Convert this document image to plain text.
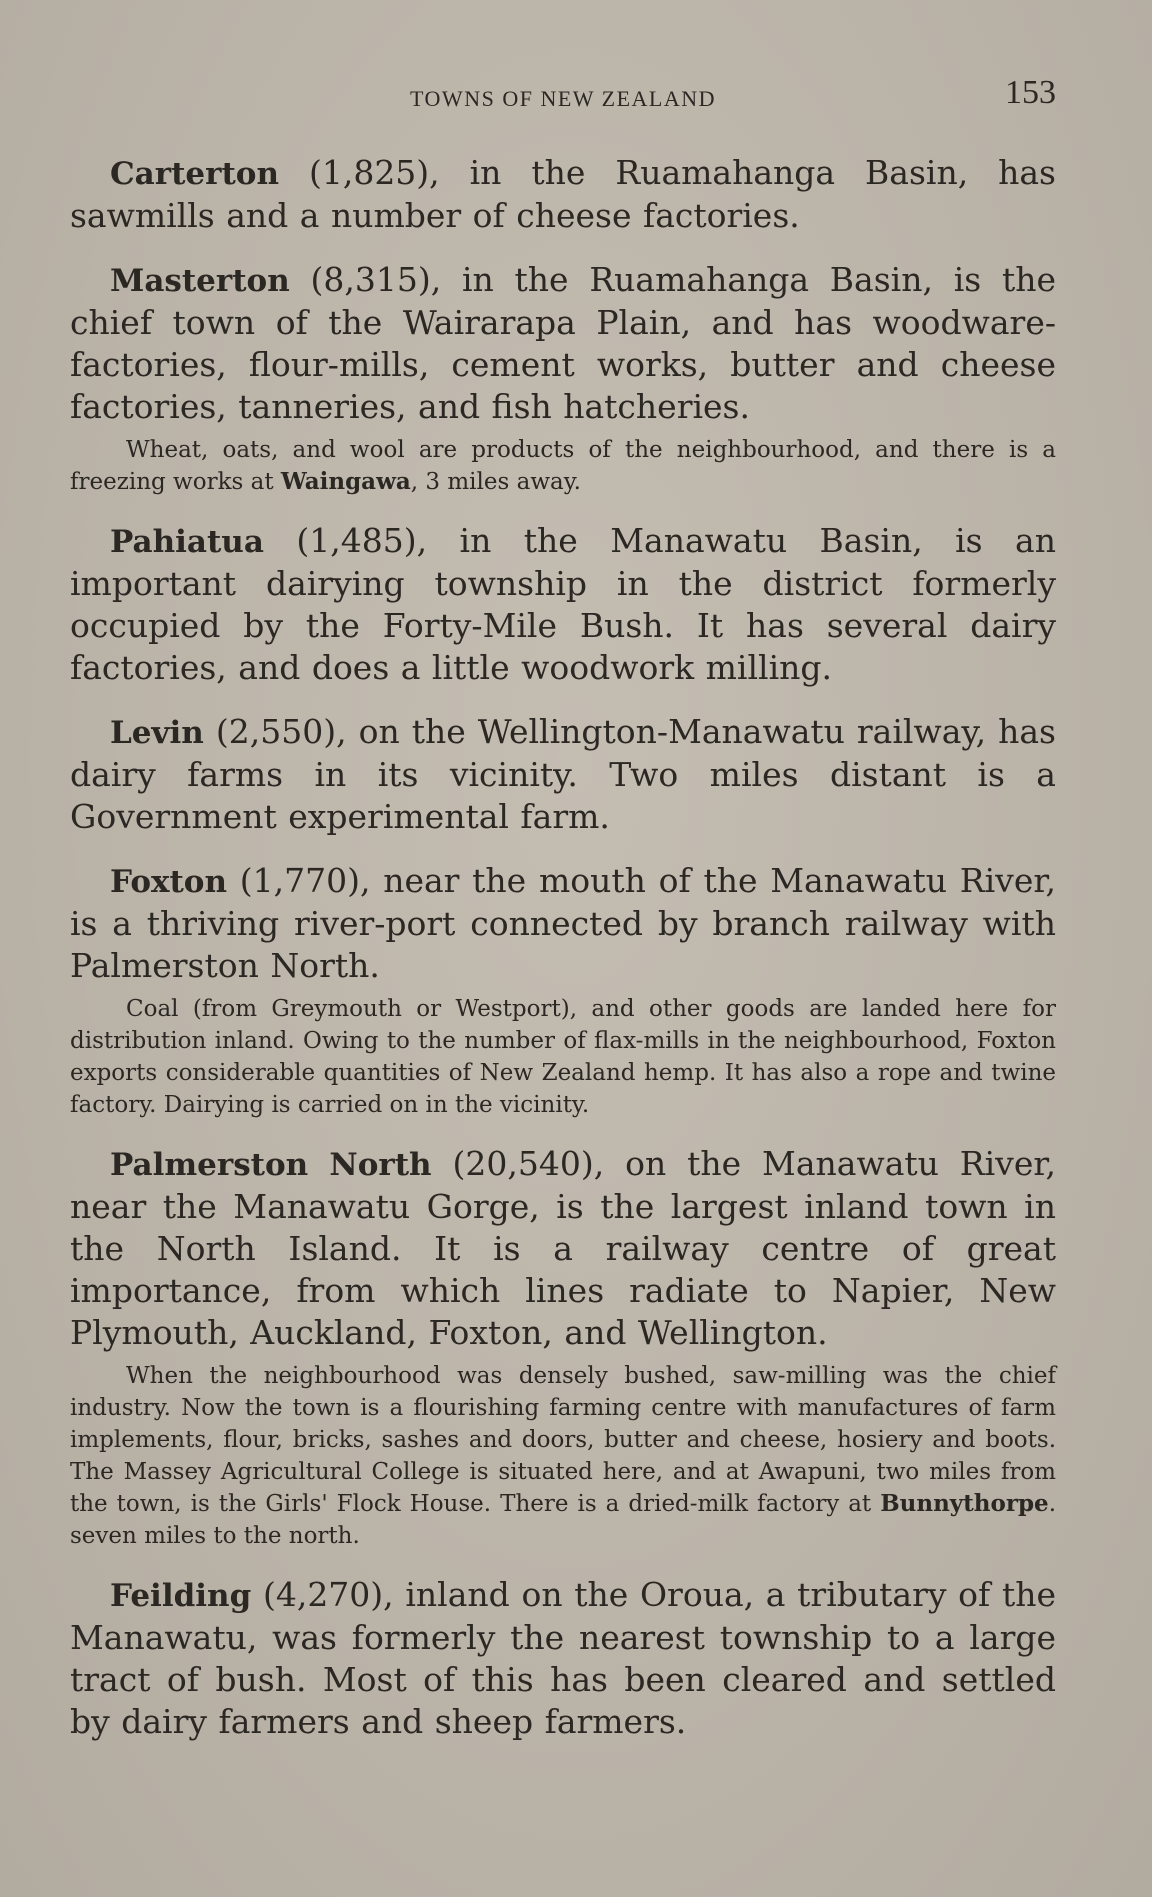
TOWNS OF NEW ZEALAND	153

Carterton (1,825), in the Ruamahanga Basin, has sawmills and a number of cheese factories.

Masterton (8,315), in the Ruamahanga Basin, is the chief town of the Wairarapa Plain, and has woodware-factories, flour-mills, cement works, butter and cheese factories, tanneries, and fish hatcheries.

Wheat, oats, and wool are products of the neighbourhood, and there is a freezing works at Waingawa, 3 miles away.

Pahiatua (1,485), in the Manawatu Basin, is an important dairying township in the district formerly occupied by the Forty-Mile Bush. It has several dairy factories, and does a little woodwork milling.

Levin (2,550), on the Wellington-Manawatu railway, has dairy farms in its vicinity. Two miles distant is a Government experimental farm.

Foxton (1,770), near the mouth of the Manawatu River, is a thriving river-port connected by branch railway with Palmerston North.

Coal (from Greymouth or Westport), and other goods are landed here for distribution inland. Owing to the number of flax-mills in the neighbourhood, Foxton exports considerable quantities of New Zealand hemp. It has also a rope and twine factory. Dairying is carried on in the vicinity.

Palmerston North (20,540), on the Manawatu River, near the Manawatu Gorge, is the largest inland town in the North Island. It is a railway centre of great importance, from which lines radiate to Napier, New Plymouth, Auckland, Foxton, and Wellington.

When the neighbourhood was densely bushed, saw-milling was the chief industry. Now the town is a flourishing farming centre with manufactures of farm implements, flour, bricks, sashes and doors, butter and cheese, hosiery and boots. The Massey Agricultural College is situated here, and at Awapuni, two miles from the town, is the Girls' Flock House. There is a dried-milk factory at Bunnythorpe. seven miles to the north.

Feilding (4,270), inland on the Oroua, a tributary of the Manawatu, was formerly the nearest township to a large tract of bush. Most of this has been cleared and settled by dairy farmers and sheep farmers.
